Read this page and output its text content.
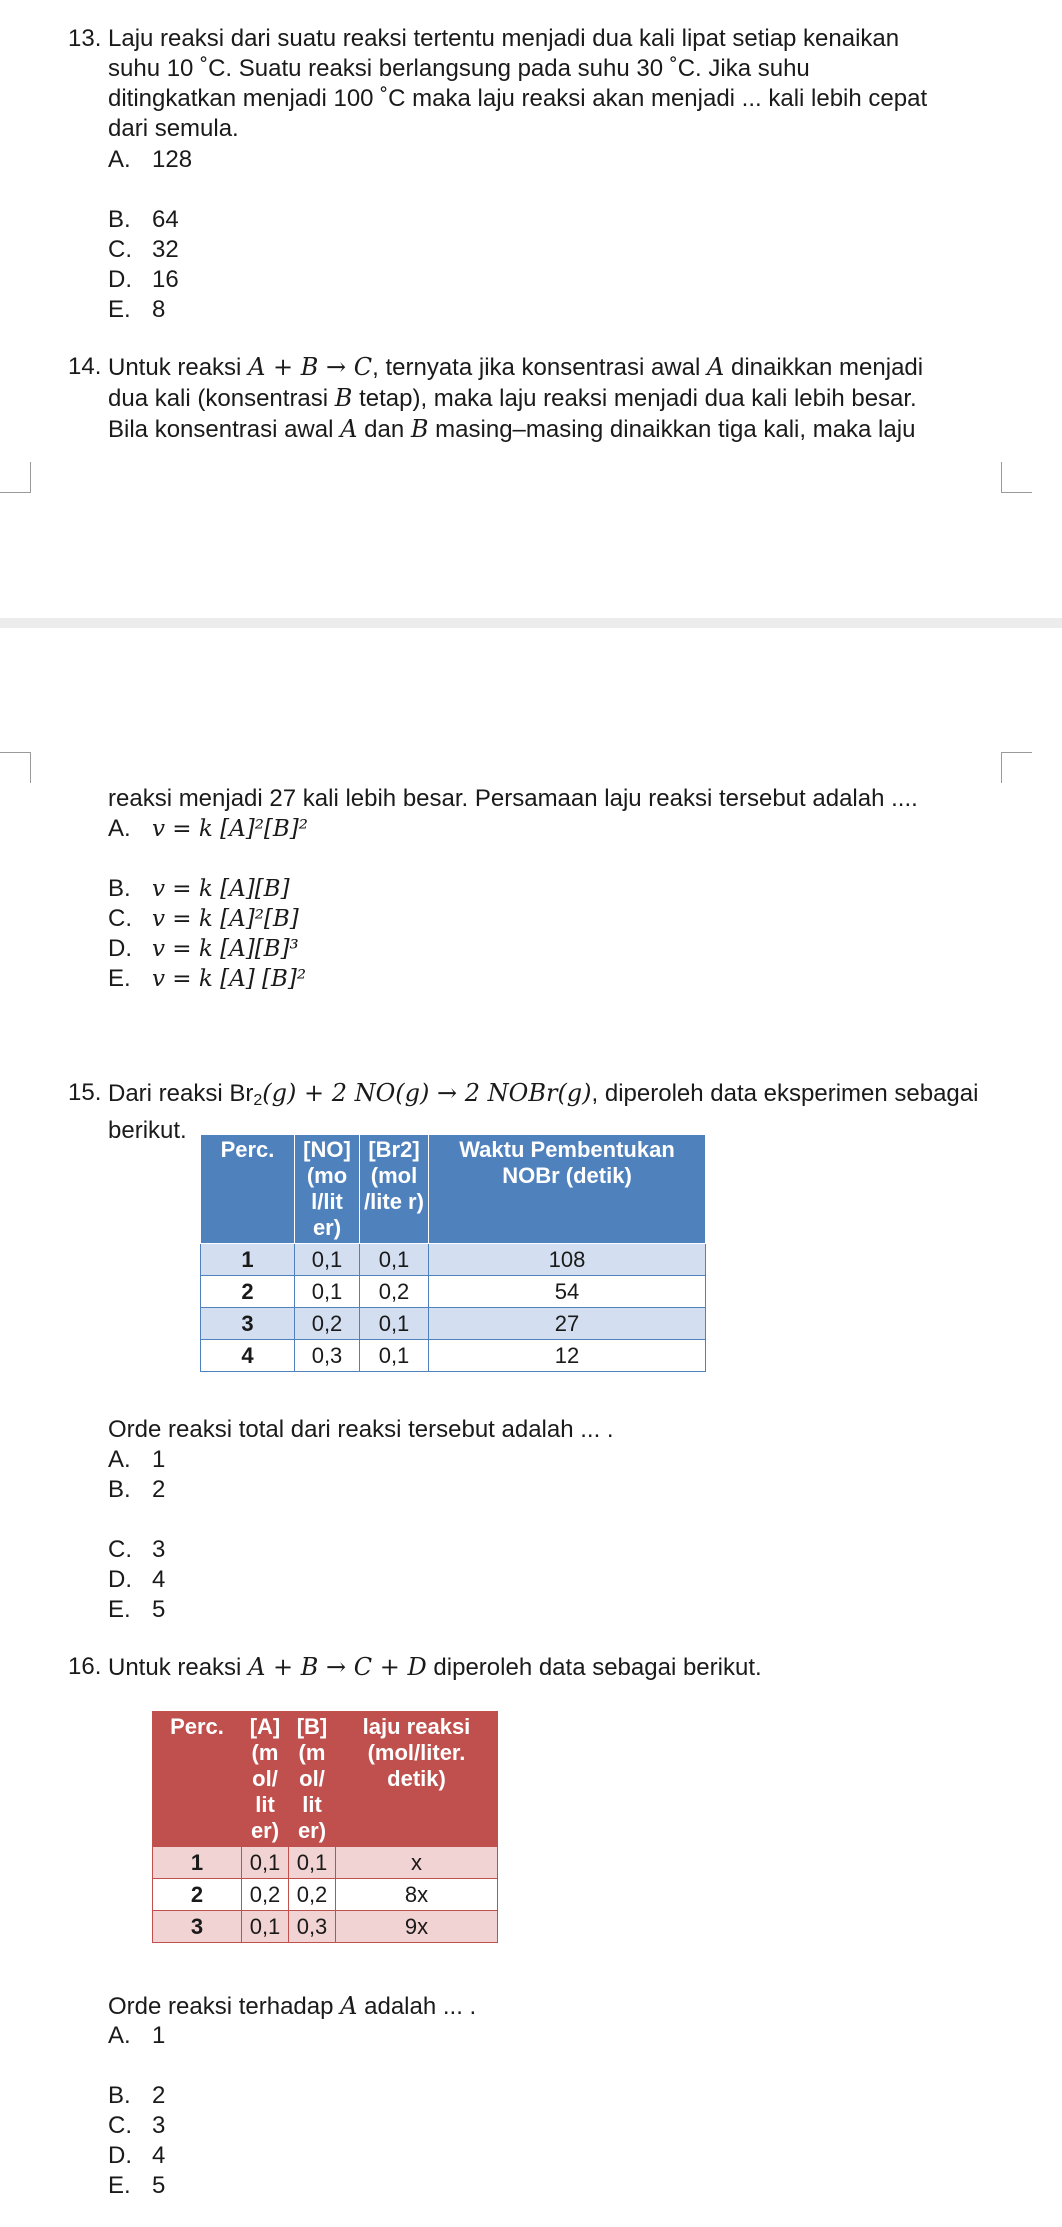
13. Laju reaksi dari suatu reaksi tertentu menjadi dua kali lipat setiap kenaikan
suhu 10 ˚C. Suatu reaksi berlangsung pada suhu 30 ˚C. Jika suhu
ditingkatkan menjadi 100 ˚C maka laju reaksi akan menjadi ... kali lebih cepat
dari semula.
A. 128
B. 64
C. 32
D. 16
E. 8
14. Untuk reaksi A + B → C, ternyata jika konsentrasi awal A dinaikkan menjadi
dua kali (konsentrasi B tetap), maka laju reaksi menjadi dua kali lebih besar.
Bila konsentrasi awal A dan B masing–masing dinaikkan tiga kali, maka laju
reaksi menjadi 27 kali lebih besar. Persamaan laju reaksi tersebut adalah ....
A. v = k [A]²[B]²
B. v = k [A][B]
C. v = k [A]²[B]
D. v = k [A][B]³
E. v = k [A] [B]²
15. Dari reaksi $Br_2(g) + 2$ NO(g) → 2 NOBr(g), diperoleh data eksperimen sebagai
berikut.
Perc.	[NO] (mo l/lit er)	[Br2] (mol /lite r)	Waktu Pembentukan NOBr (detik)
1	0,1	0,1	108
2	0,1	0,2	54
3	0,2	0,1	27
4	0,3	0,1	12
Orde reaksi total dari reaksi tersebut adalah ... .
A. 1
B. 2
C. 3
D. 4
E. 5
16. Untuk reaksi A + B → C + D diperoleh data sebagai berikut.
Perc.	[A] (m ol/ lit er)	[B] (m ol/ lit er)	laju reaksi (mol/liter. detik)
1	0,1	0,1	x
2	0,2	0,2	8x
3	0,1	0,3	9x
Orde reaksi terhadap A adalah ... .
A. 1
B. 2
C. 3
D. 4
E. 5
